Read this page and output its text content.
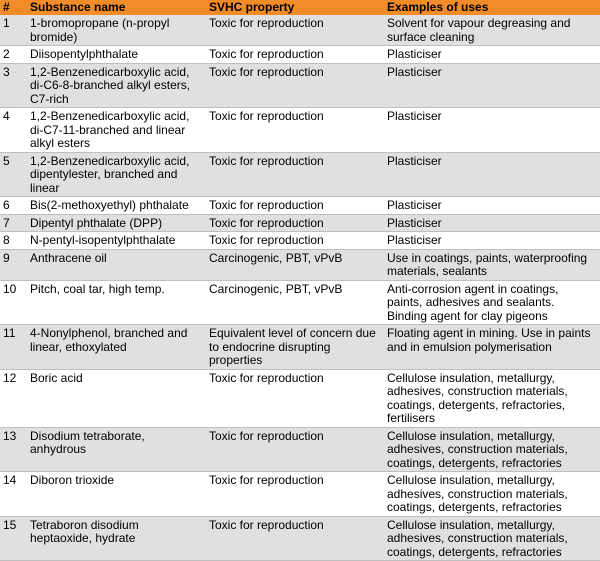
#	Substance name	SVHC property	Examples of uses
1	1-bromopropane (n-propyl bromide)	Toxic for reproduction	Solvent for vapour degreasing and surface cleaning
2	Diisopentylphthalate	Toxic for reproduction	Plasticiser
3	1,2-Benzenedicarboxylic acid, di-C6-8-branched alkyl esters, C7-rich	Toxic for reproduction	Plasticiser
4	1,2-Benzenedicarboxylic acid, di-C7-11-branched and linear alkyl esters	Toxic for reproduction	Plasticiser
5	1,2-Benzenedicarboxylic acid, dipentylester, branched and linear	Toxic for reproduction	Plasticiser
6	Bis(2-methoxyethyl) phthalate	Toxic for reproduction	Plasticiser
7	Dipentyl phthalate (DPP)	Toxic for reproduction	Plasticiser
8	N-pentyl-isopentylphthalate	Toxic for reproduction	Plasticiser
9	Anthracene oil	Carcinogenic, PBT, vPvB	Use in coatings, paints, waterproofing materials, sealants
10	Pitch, coal tar, high temp.	Carcinogenic, PBT, vPvB	Anti-corrosion agent in coatings, paints, adhesives and sealants. Binding agent for clay pigeons
11	4-Nonylphenol, branched and linear, ethoxylated	Equivalent level of concern due to endocrine disrupting properties	Floating agent in mining. Use in paints and in emulsion polymerisation
12	Boric acid	Toxic for reproduction	Cellulose insulation, metallurgy, adhesives, construction materials, coatings, detergents, refractories, fertilisers
13	Disodium tetraborate, anhydrous	Toxic for reproduction	Cellulose insulation, metallurgy, adhesives, construction materials, coatings, detergents, refractories
14	Diboron trioxide	Toxic for reproduction	Cellulose insulation, metallurgy, adhesives, construction materials, coatings, detergents, refractories
15	Tetraboron disodium heptaoxide, hydrate	Toxic for reproduction	Cellulose insulation, metallurgy, adhesives, construction materials, coatings, detergents, refractories
